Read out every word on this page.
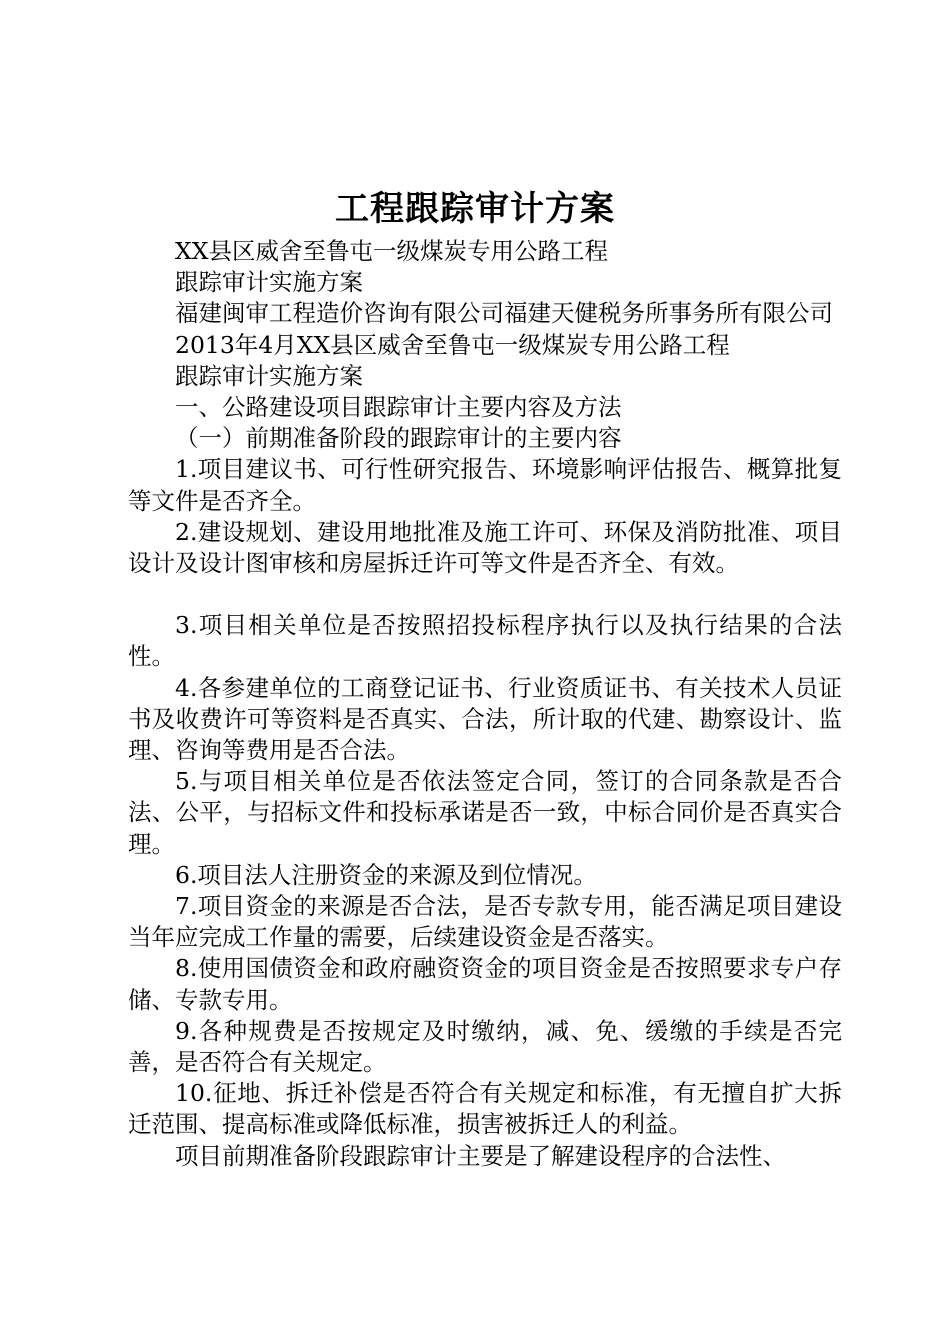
工程跟踪审计方案

XX县区威舍至鲁屯一级煤炭专用公路工程

跟踪审计实施方案

福建闽审工程造价咨询有限公司福建天健税务所事务所有限公司

2013年4月XX县区威舍至鲁屯一级煤炭专用公路工程

跟踪审计实施方案

一、公路建设项目跟踪审计主要内容及方法

（一）前期准备阶段的跟踪审计的主要内容

1.项目建议书、可行性研究报告、环境影响评估报告、概算批复等文件是否齐全。

2.建设规划、建设用地批准及施工许可、环保及消防批准、项目设计及设计图审核和房屋拆迁许可等文件是否齐全、有效。

3.项目相关单位是否按照招投标程序执行以及执行结果的合法性。

4.各参建单位的工商登记证书、行业资质证书、有关技术人员证书及收费许可等资料是否真实、合法，所计取的代建、勘察设计、监理、咨询等费用是否合法。

5.与项目相关单位是否依法签定合同，签订的合同条款是否合法、公平，与招标文件和投标承诺是否一致，中标合同价是否真实合理。

6.项目法人注册资金的来源及到位情况。

7.项目资金的来源是否合法，是否专款专用，能否满足项目建设当年应完成工作量的需要，后续建设资金是否落实。

8.使用国债资金和政府融资资金的项目资金是否按照要求专户存储、专款专用。

9.各种规费是否按规定及时缴纳，减、免、缓缴的手续是否完善，是否符合有关规定。

10.征地、拆迁补偿是否符合有关规定和标准，有无擅自扩大拆迁范围、提高标准或降低标准，损害被拆迁人的利益。

项目前期准备阶段跟踪审计主要是了解建设程序的合法性、
